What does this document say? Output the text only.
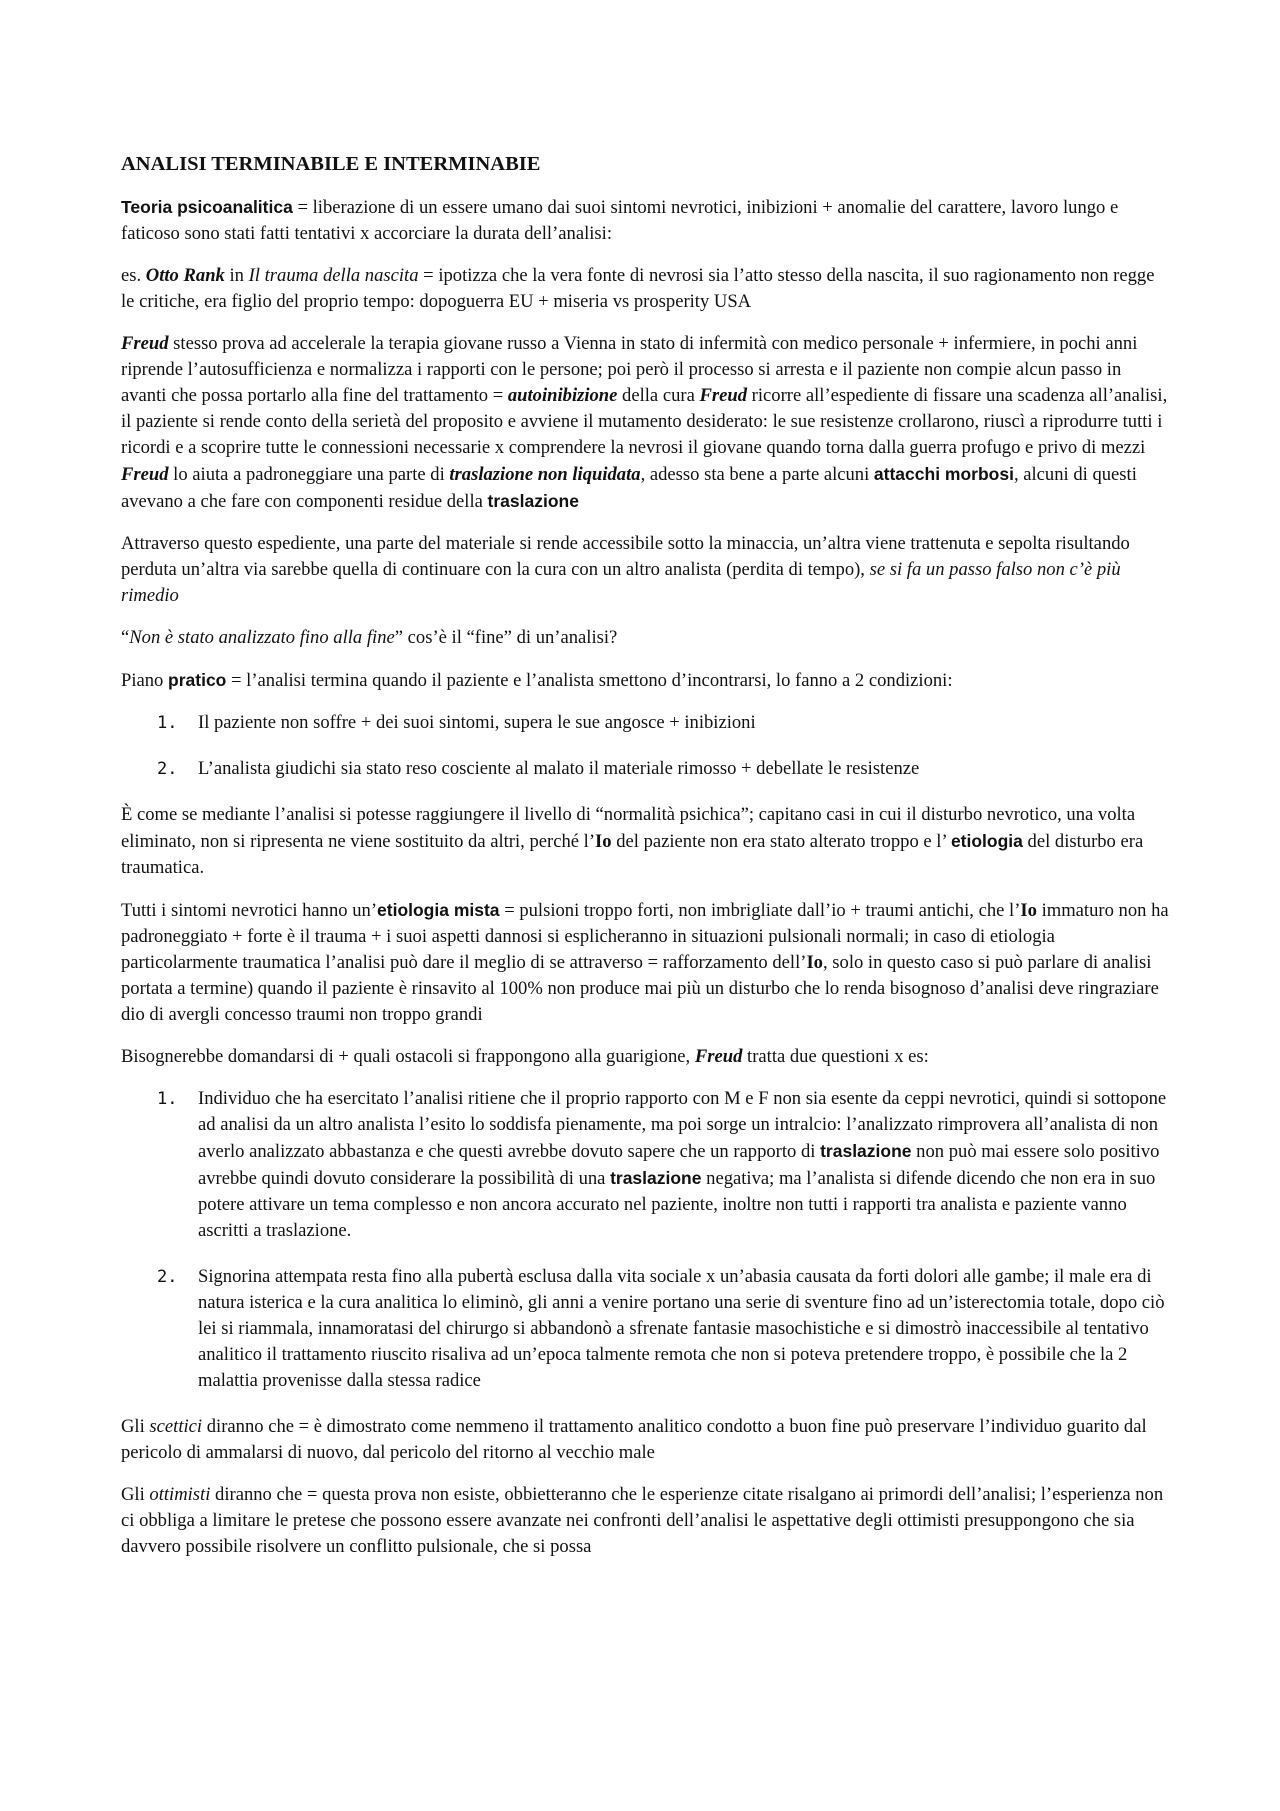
ANALISI TERMINABILE E INTERMINABIE

Teoria psicoanalitica = liberazione di un essere umano dai suoi sintomi nevrotici, inibizioni + anomalie del carattere, lavoro lungo e faticoso sono stati fatti tentativi x accorciare la durata dell’analisi:

es. Otto Rank in Il trauma della nascita = ipotizza che la vera fonte di nevrosi sia l’atto stesso della nascita, il suo ragionamento non regge le critiche, era figlio del proprio tempo: dopoguerra EU + miseria vs prosperity USA

Freud stesso prova ad accelerale la terapia giovane russo a Vienna in stato di infermità con medico personale + infermiere, in pochi anni riprende l’autosufficienza e normalizza i rapporti con le persone; poi però il processo si arresta e il paziente non compie alcun passo in avanti che possa portarlo alla fine del trattamento = autoinibizione della cura Freud ricorre all’espediente di fissare una scadenza all’analisi, il paziente si rende conto della serietà del proposito e avviene il mutamento desiderato: le sue resistenze crollarono, riuscì a riprodurre tutti i ricordi e a scoprire tutte le connessioni necessarie x comprendere la nevrosi il giovane quando torna dalla guerra profugo e privo di mezzi Freud lo aiuta a padroneggiare una parte di traslazione non liquidata, adesso sta bene a parte alcuni attacchi morbosi, alcuni di questi avevano a che fare con componenti residue della traslazione

Attraverso questo espediente, una parte del materiale si rende accessibile sotto la minaccia, un’altra viene trattenuta e sepolta risultando perduta un’altra via sarebbe quella di continuare con la cura con un altro analista (perdita di tempo), se si fa un passo falso non c’è più rimedio

“Non è stato analizzato fino alla fine” cos’è il “fine” di un’analisi?

Piano pratico = l’analisi termina quando il paziente e l’analista smettono d’incontrarsi, lo fanno a 2 condizioni:

1. Il paziente non soffre + dei suoi sintomi, supera le sue angosce + inibizioni
2. L’analista giudichi sia stato reso cosciente al malato il materiale rimosso + debellate le resistenze

È come se mediante l’analisi si potesse raggiungere il livello di “normalità psichica”; capitano casi in cui il disturbo nevrotico, una volta eliminato, non si ripresenta ne viene sostituito da altri, perché l’Io del paziente non era stato alterato troppo e l’ etiologia del disturbo era traumatica.

Tutti i sintomi nevrotici hanno un’etiologia mista = pulsioni troppo forti, non imbrigliate dall’io + traumi antichi, che l’Io immaturo non ha padroneggiato + forte è il trauma + i suoi aspetti dannosi si esplicheranno in situazioni pulsionali normali; in caso di etiologia particolarmente traumatica l’analisi può dare il meglio di se attraverso = rafforzamento dell’Io, solo in questo caso si può parlare di analisi portata a termine) quando il paziente è rinsavito al 100% non produce mai più un disturbo che lo renda bisognoso d’analisi deve ringraziare dio di avergli concesso traumi non troppo grandi

Bisognerebbe domandarsi di + quali ostacoli si frappongono alla guarigione, Freud tratta due questioni x es:

1. Individuo che ha esercitato l’analisi ritiene che il proprio rapporto con M e F non sia esente da ceppi nevrotici, quindi si sottopone ad analisi da un altro analista l’esito lo soddisfa pienamente, ma poi sorge un intralcio: l’analizzato rimprovera all’analista di non averlo analizzato abbastanza e che questi avrebbe dovuto sapere che un rapporto di traslazione non può mai essere solo positivo avrebbe quindi dovuto considerare la possibilità di una traslazione negativa; ma l’analista si difende dicendo che non era in suo potere attivare un tema complesso e non ancora accurato nel paziente, inoltre non tutti i rapporti tra analista e paziente vanno ascritti a traslazione.
2. Signorina attempata resta fino alla pubertà esclusa dalla vita sociale x un’abasia causata da forti dolori alle gambe; il male era di natura isterica e la cura analitica lo eliminò, gli anni a venire portano una serie di sventure fino ad un’isterectomia totale, dopo ciò lei si riammala, innamoratasi del chirurgo si abbandonò a sfrenate fantasie masochistiche e si dimostrò inaccessibile al tentativo analitico il trattamento riuscito risaliva ad un’epoca talmente remota che non si poteva pretendere troppo, è possibile che la 2 malattia provenisse dalla stessa radice

Gli scettici diranno che = è dimostrato come nemmeno il trattamento analitico condotto a buon fine può preservare l’individuo guarito dal pericolo di ammalarsi di nuovo, dal pericolo del ritorno al vecchio male

Gli ottimisti diranno che = questa prova non esiste, obbietteranno che le esperienze citate risalgano ai primordi dell’analisi; l’esperienza non ci obbliga a limitare le pretese che possono essere avanzate nei confronti dell’analisi le aspettative degli ottimisti presuppongono che sia davvero possibile risolvere un conflitto pulsionale, che si possa
